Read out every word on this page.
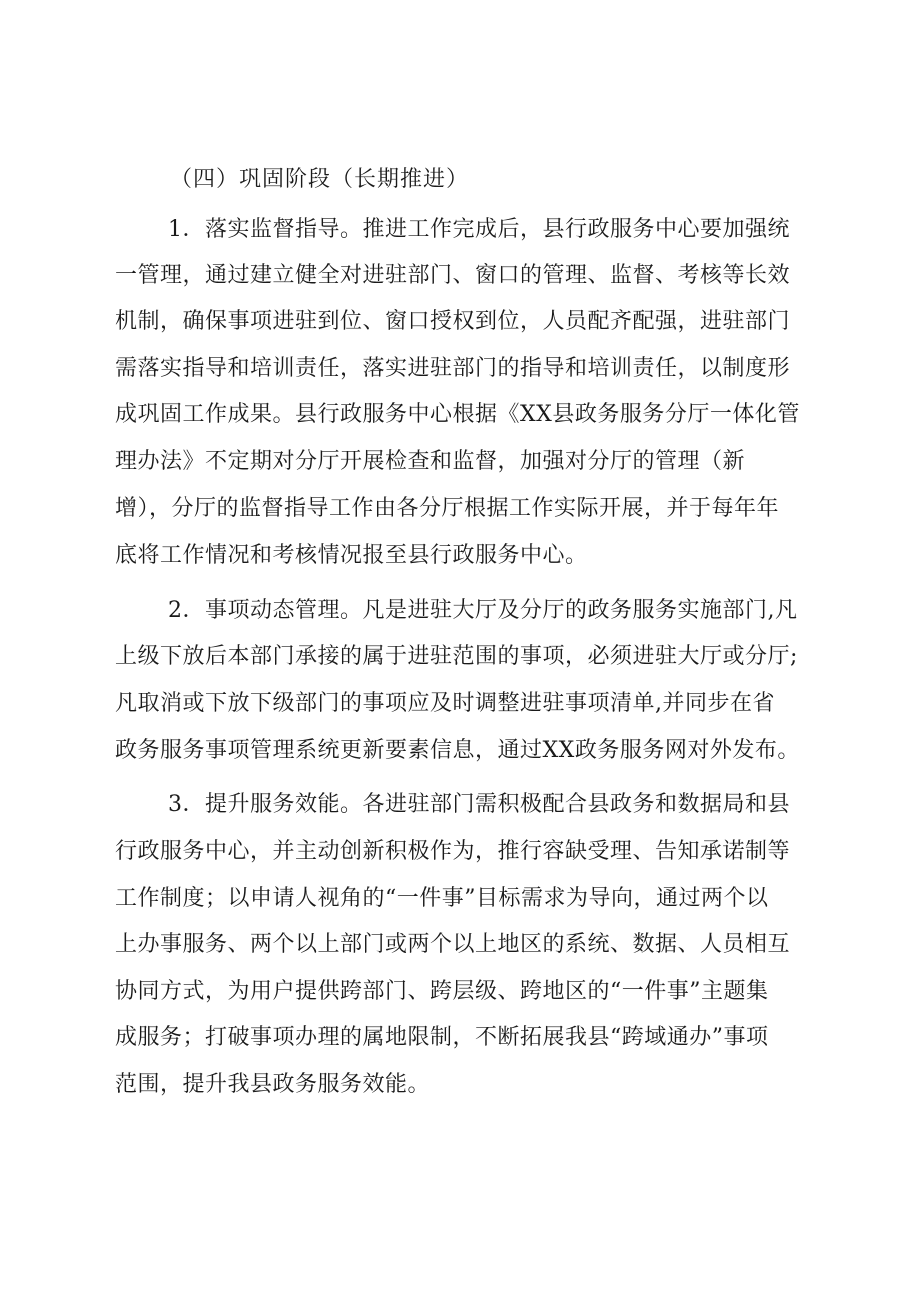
（四）巩固阶段（长期推进）
1．落实监督指导。推进工作完成后，县行政服务中心要加强统
一管理，通过建立健全对进驻部门、窗口的管理、监督、考核等长效
机制，确保事项进驻到位、窗口授权到位，人员配齐配强，进驻部门
需落实指导和培训责任，落实进驻部门的指导和培训责任，以制度形
成巩固工作成果。县行政服务中心根据《XX县政务服务分厅一体化管
理办法》不定期对分厅开展检查和监督，加强对分厅的管理（新
增），分厅的监督指导工作由各分厅根据工作实际开展，并于每年年
底将工作情况和考核情况报至县行政服务中心。
2．事项动态管理。凡是进驻大厅及分厅的政务服务实施部门,凡
上级下放后本部门承接的属于进驻范围的事项，必须进驻大厅或分厅;
凡取消或下放下级部门的事项应及时调整进驻事项清单,并同步在省
政务服务事项管理系统更新要素信息，通过XX政务服务网对外发布。
3．提升服务效能。各进驻部门需积极配合县政务和数据局和县
行政服务中心，并主动创新积极作为，推行容缺受理、告知承诺制等
工作制度；以申请人视角的“一件事”目标需求为导向，通过两个以
上办事服务、两个以上部门或两个以上地区的系统、数据、人员相互
协同方式，为用户提供跨部门、跨层级、跨地区的“一件事”主题集
成服务；打破事项办理的属地限制，不断拓展我县“跨域通办”事项
范围，提升我县政务服务效能。
